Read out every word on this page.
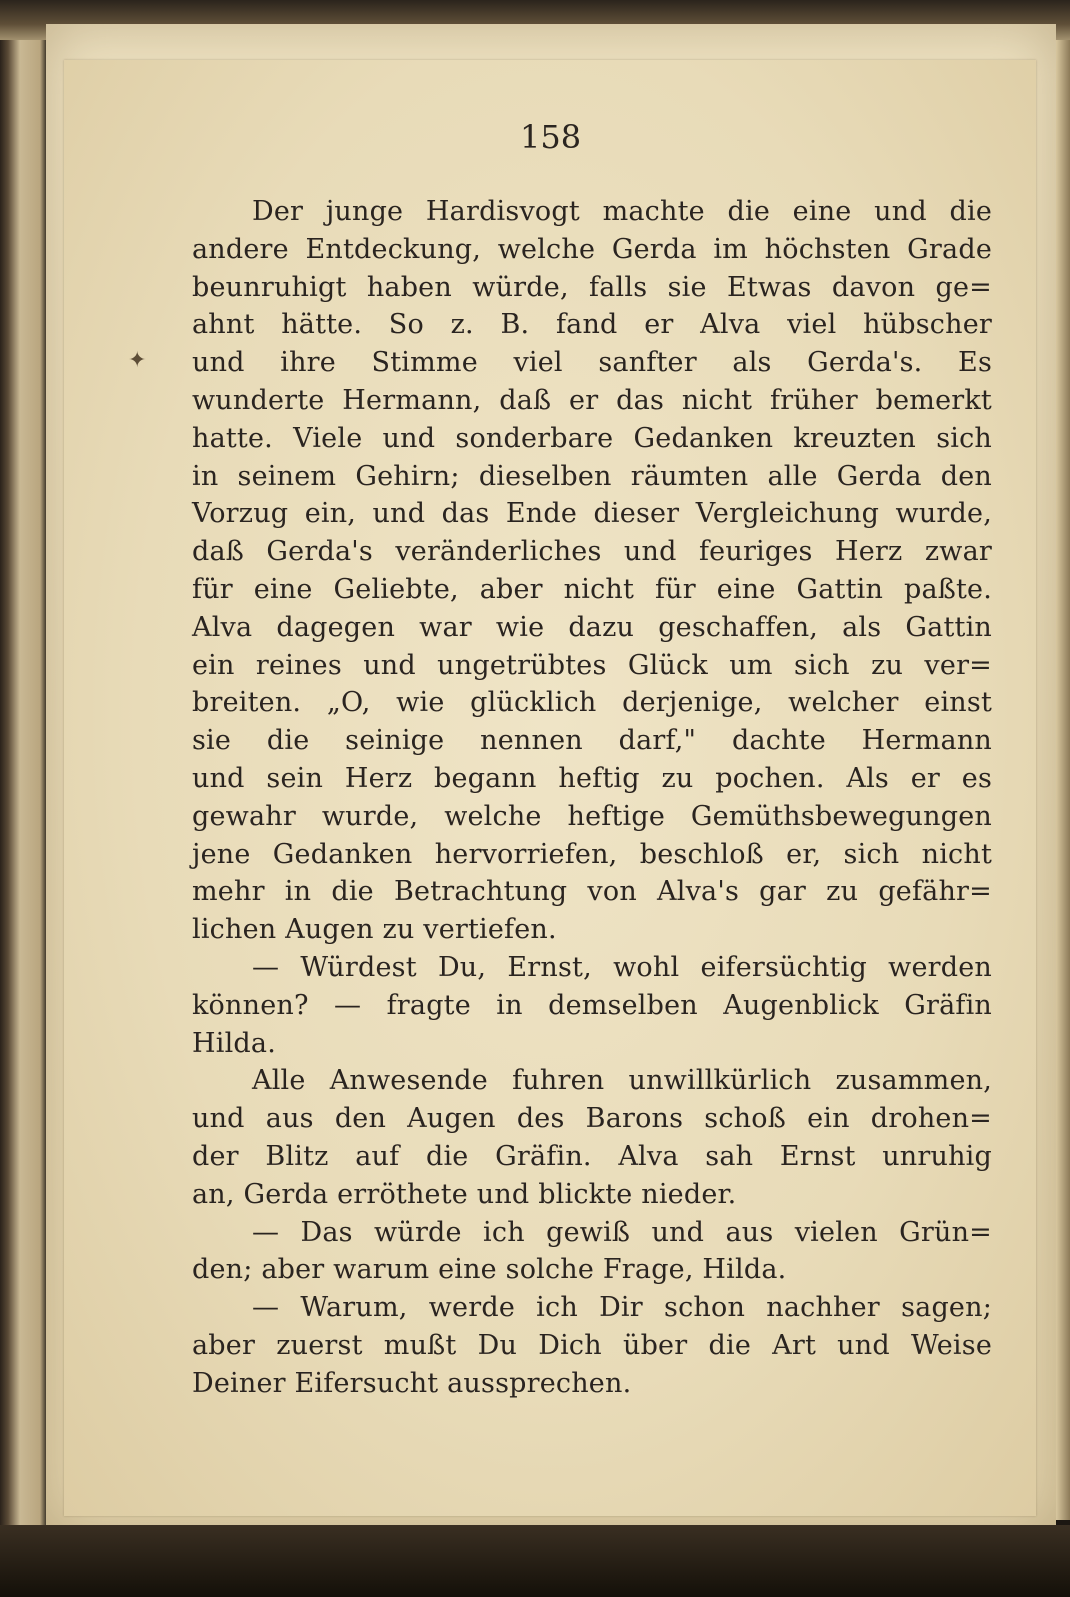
✦
158
Der junge Hardisvogt machte die eine und die
andere Entdeckung, welche Gerda im höchsten Grade
beunruhigt haben würde, falls sie Etwas davon ge=
ahnt hätte. So z. B. fand er Alva viel hübscher
und ihre Stimme viel sanfter als Gerda's. Es
wunderte Hermann, daß er das nicht früher bemerkt
hatte. Viele und sonderbare Gedanken kreuzten sich
in seinem Gehirn; dieselben räumten alle Gerda den
Vorzug ein, und das Ende dieser Vergleichung wurde,
daß Gerda's veränderliches und feuriges Herz zwar
für eine Geliebte, aber nicht für eine Gattin paßte.
Alva dagegen war wie dazu geschaffen, als Gattin
ein reines und ungetrübtes Glück um sich zu ver=
breiten. „O, wie glücklich derjenige, welcher einst
sie die seinige nennen darf," dachte Hermann
und sein Herz begann heftig zu pochen. Als er es
gewahr wurde, welche heftige Gemüthsbewegungen
jene Gedanken hervorriefen, beschloß er, sich nicht
mehr in die Betrachtung von Alva's gar zu gefähr=
lichen Augen zu vertiefen.
— Würdest Du, Ernst, wohl eifersüchtig werden
können? — fragte in demselben Augenblick Gräfin
Hilda.
Alle Anwesende fuhren unwillkürlich zusammen,
und aus den Augen des Barons schoß ein drohen=
der Blitz auf die Gräfin. Alva sah Ernst unruhig
an, Gerda erröthete und blickte nieder.
— Das würde ich gewiß und aus vielen Grün=
den; aber warum eine solche Frage, Hilda.
— Warum, werde ich Dir schon nachher sagen;
aber zuerst mußt Du Dich über die Art und Weise
Deiner Eifersucht aussprechen.
